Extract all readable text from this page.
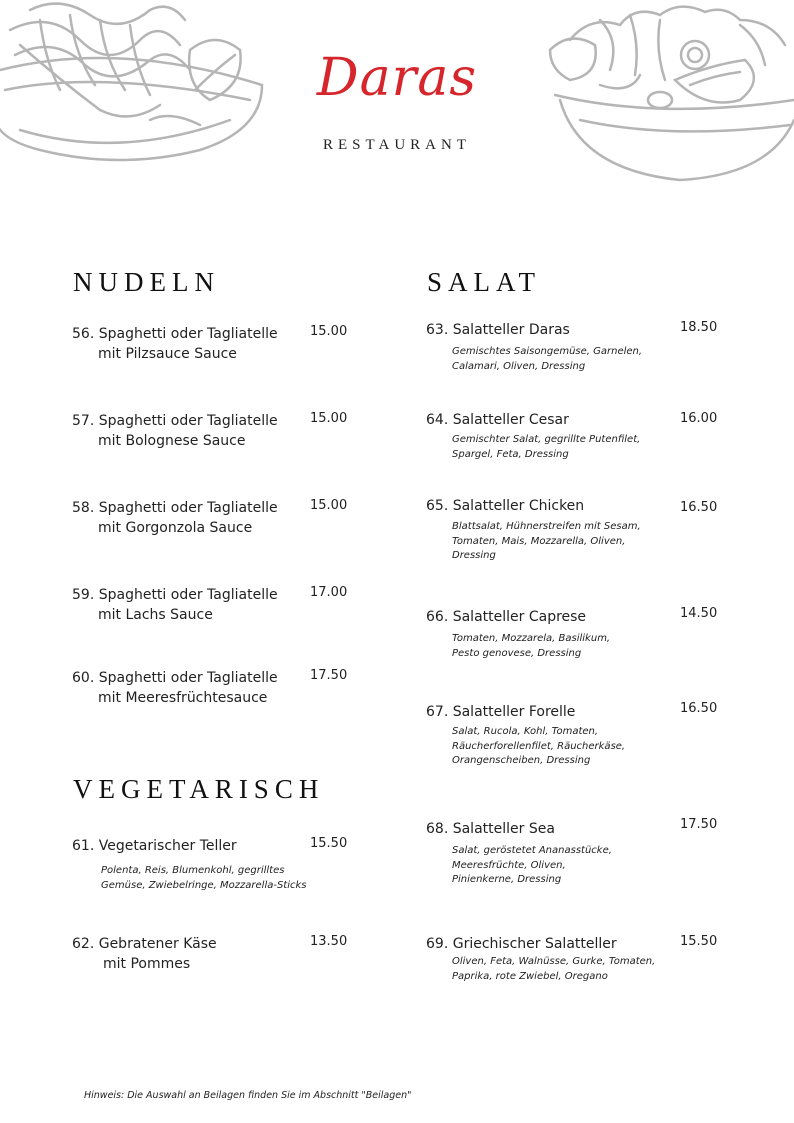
Daras
RESTAURANT
NUDELN
56. Spaghetti oder Tagliatelle
mit Pilzsauce Sauce
15.00
57. Spaghetti oder Tagliatelle
mit Bolognese Sauce
15.00
58. Spaghetti oder Tagliatelle
mit Gorgonzola Sauce
15.00
59. Spaghetti oder Tagliatelle
mit Lachs Sauce
17.00
60. Spaghetti oder Tagliatelle
mit Meeresfrüchtesauce
17.50
VEGETARISCH
61. Vegetarischer Teller	15.50
Polenta, Reis, Blumenkohl, gegrilltes
Gemüse, Zwiebelringe, Mozzarella-Sticks
62. Gebratener Käse
mit Pommes
13.50
SALAT
63. Salatteller Daras	18.50
Gemischtes Saisongemüse, Garnelen,
Calamari, Oliven, Dressing
64. Salatteller Cesar	16.00
Gemischter Salat, gegrillte Putenfilet,
Spargel, Feta, Dressing
65. Salatteller Chicken	16.50
Blattsalat, Hühnerstreifen mit Sesam,
Tomaten, Mais, Mozzarella, Oliven,
Dressing
66. Salatteller Caprese	14.50
Tomaten, Mozzarela, Basilikum,
Pesto genovese, Dressing
67. Salatteller Forelle	16.50
Salat, Rucola, Kohl, Tomaten,
Räucherforellenfilet, Räucherkäse,
Orangenscheiben, Dressing
68. Salatteller Sea	17.50
Salat, geröstetet Ananasstücke,
Meeresfrüchte, Oliven,
Pinienkerne, Dressing
69. Griechischer Salatteller	15.50
Oliven, Feta, Walnüsse, Gurke, Tomaten,
Paprika, rote Zwiebel, Oregano
Hinweis: Die Auswahl an Beilagen finden Sie im Abschnitt "Beilagen"
